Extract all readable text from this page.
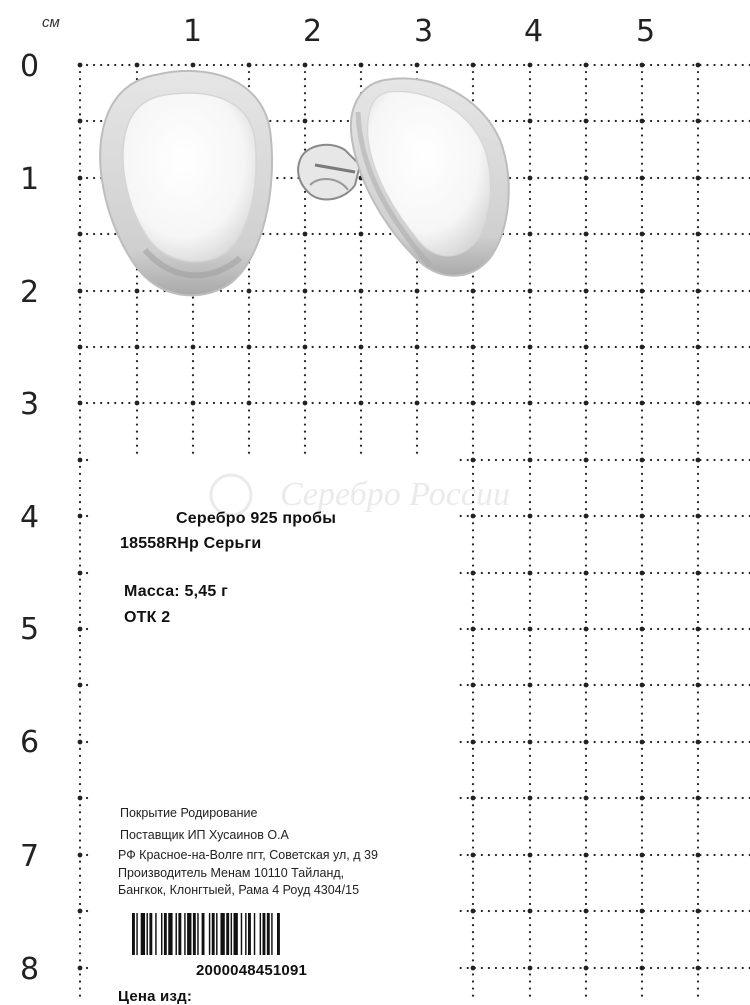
см	1	2	3	4	5
0
1
2
3
4
5
6
7
8
России
Серебро 925 пробы
18558RHp Серьги
Масса: 5,45 г
ОТК 2
Покрытие Родирование
Поставщик ИП Хусаинов О.А
РФ Красное-на-Волге пгт, Советская ул, д 39
Производитель Менам 10110 Тайланд,
Бангкок, Клонгтыей, Рама 4 Роуд 4304/15
2000048451091
Цена изд:
